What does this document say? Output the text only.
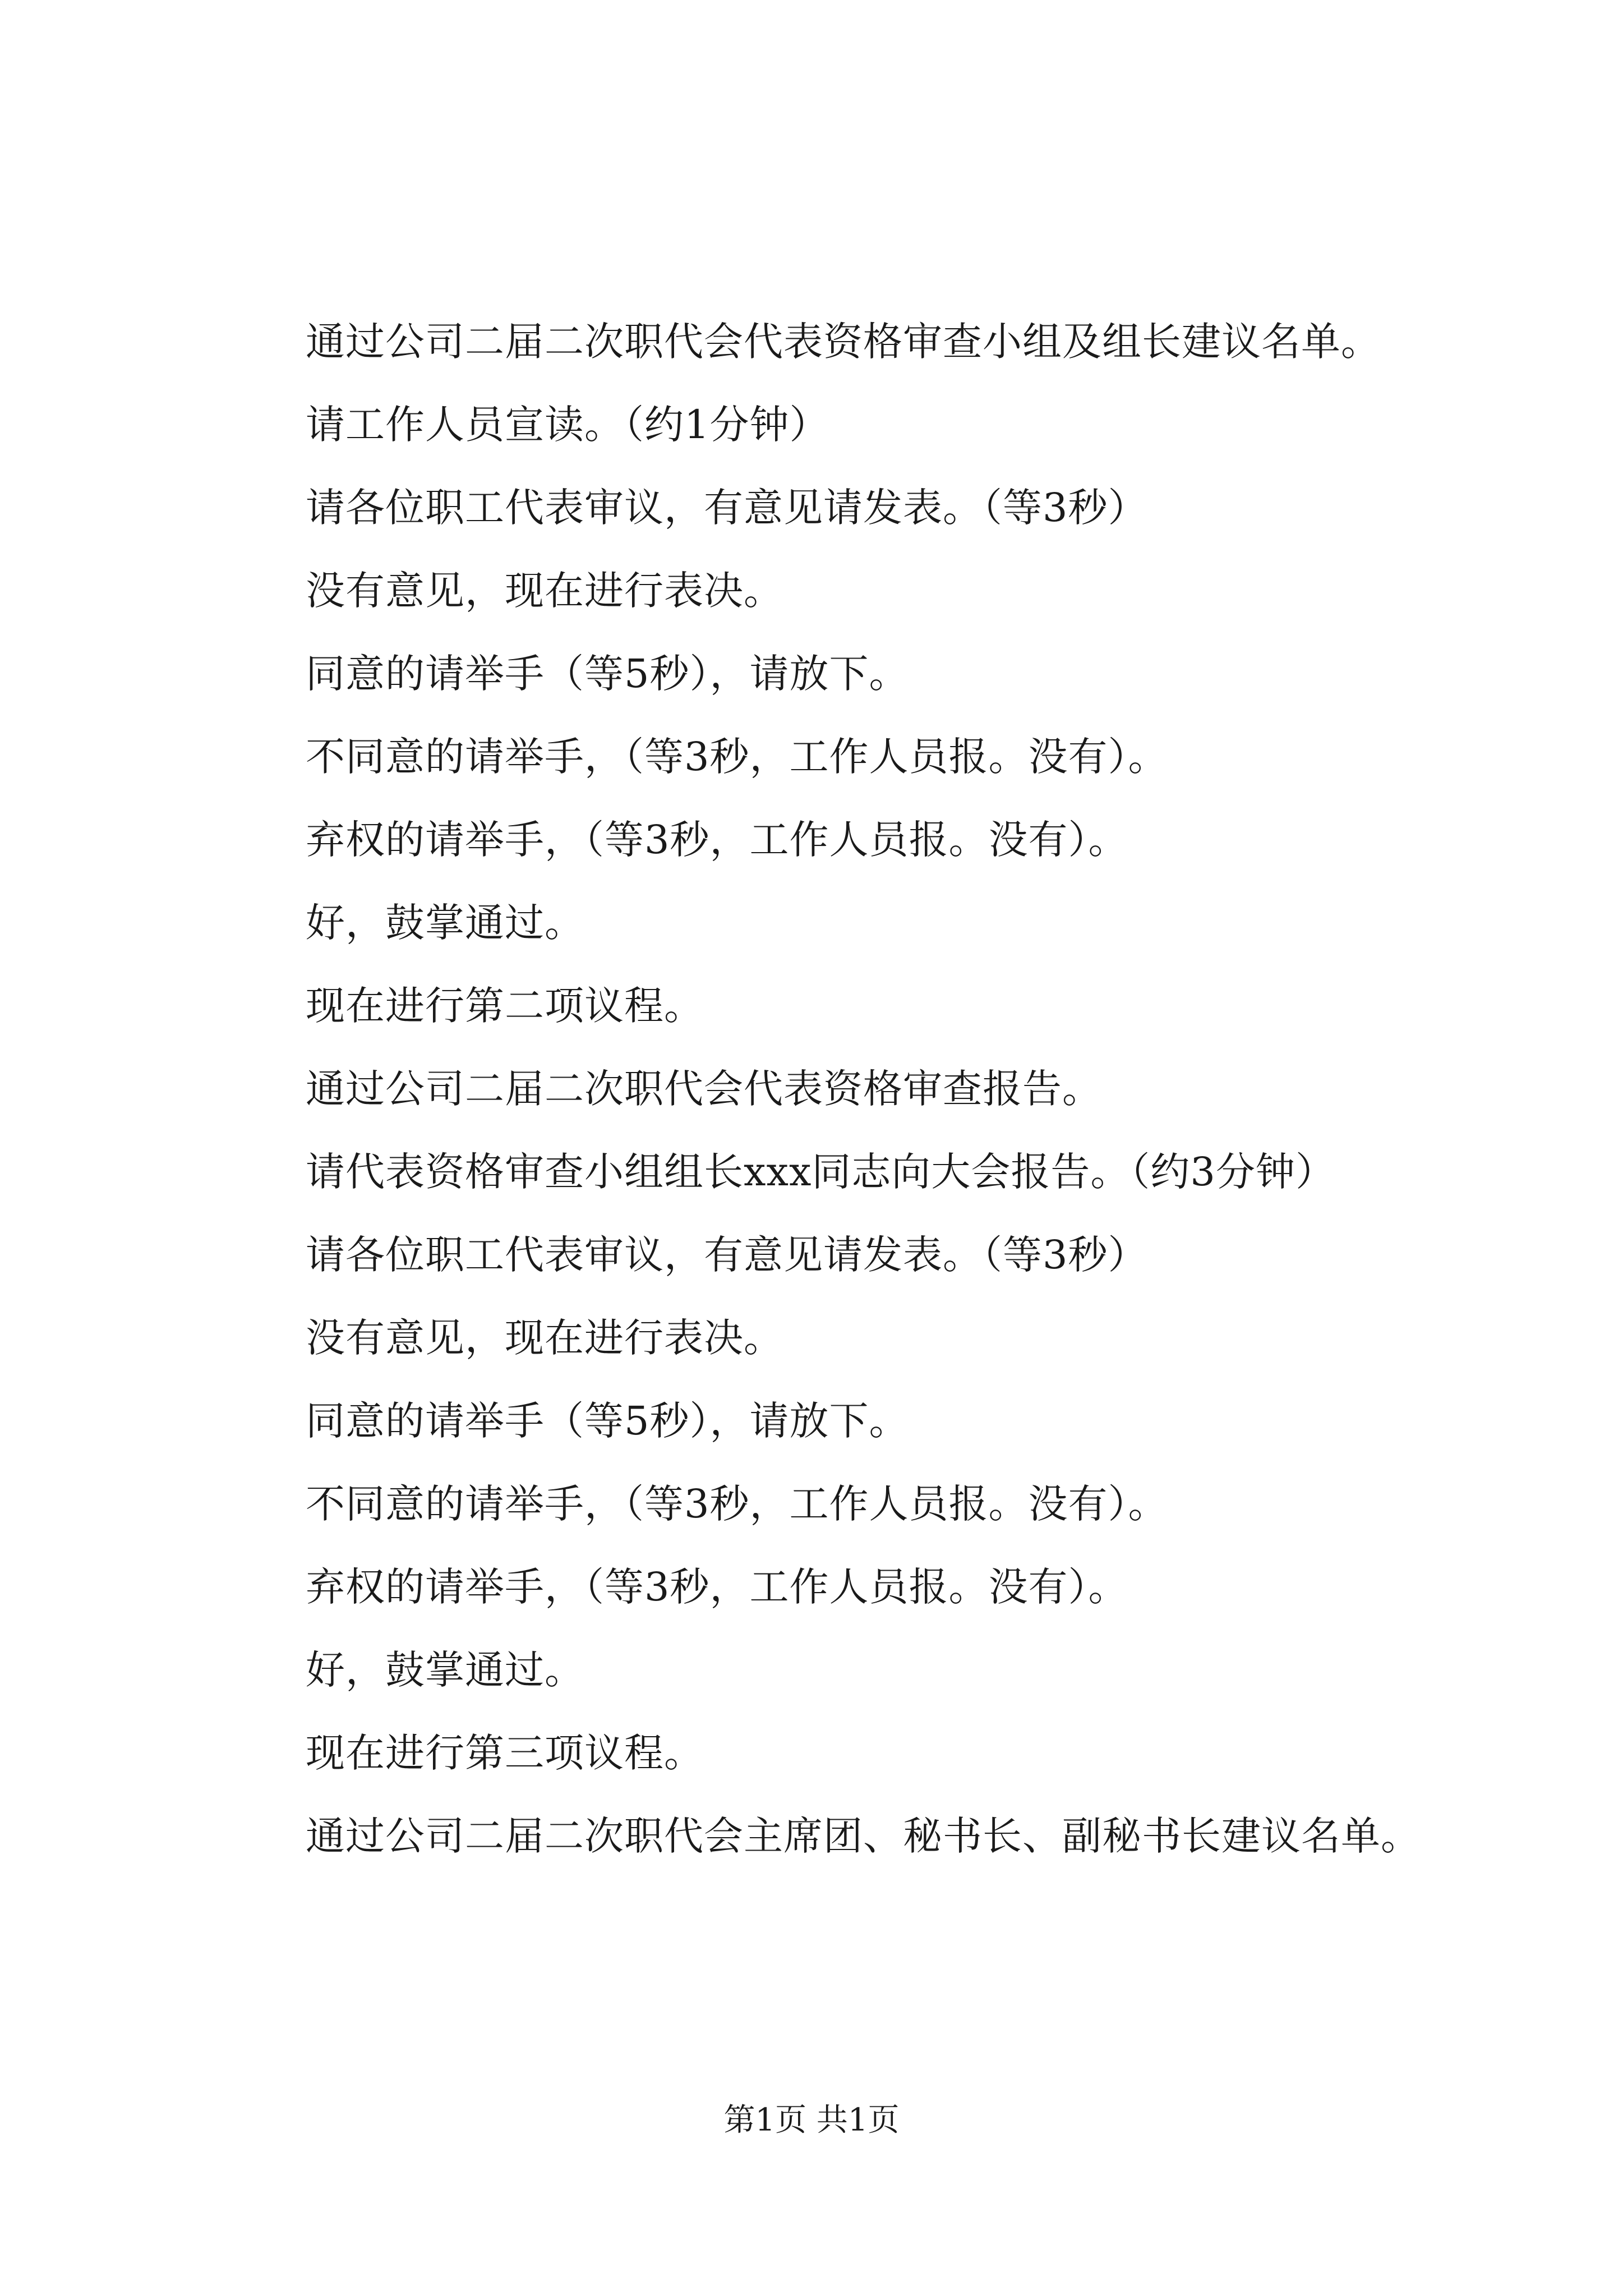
通过公司二届二次职代会代表资格审查小组及组长建议名单。

请工作人员宣读。（约1分钟）

请各位职工代表审议，有意见请发表。（等3秒）

没有意见，现在进行表决。

同意的请举手（等5秒），请放下。

不同意的请举手，（等3秒，工作人员报。没有）。

弃权的请举手，（等3秒，工作人员报。没有）。

好，鼓掌通过。

现在进行第二项议程。

通过公司二届二次职代会代表资格审查报告。

请代表资格审查小组组长xxx同志向大会报告。（约3分钟）

请各位职工代表审议，有意见请发表。（等3秒）

没有意见，现在进行表决。

同意的请举手（等5秒），请放下。

不同意的请举手，（等3秒，工作人员报。没有）。

弃权的请举手，（等3秒，工作人员报。没有）。

好，鼓掌通过。

现在进行第三项议程。

通过公司二届二次职代会主席团、秘书长、副秘书长建议名单。

第1页 共1页
